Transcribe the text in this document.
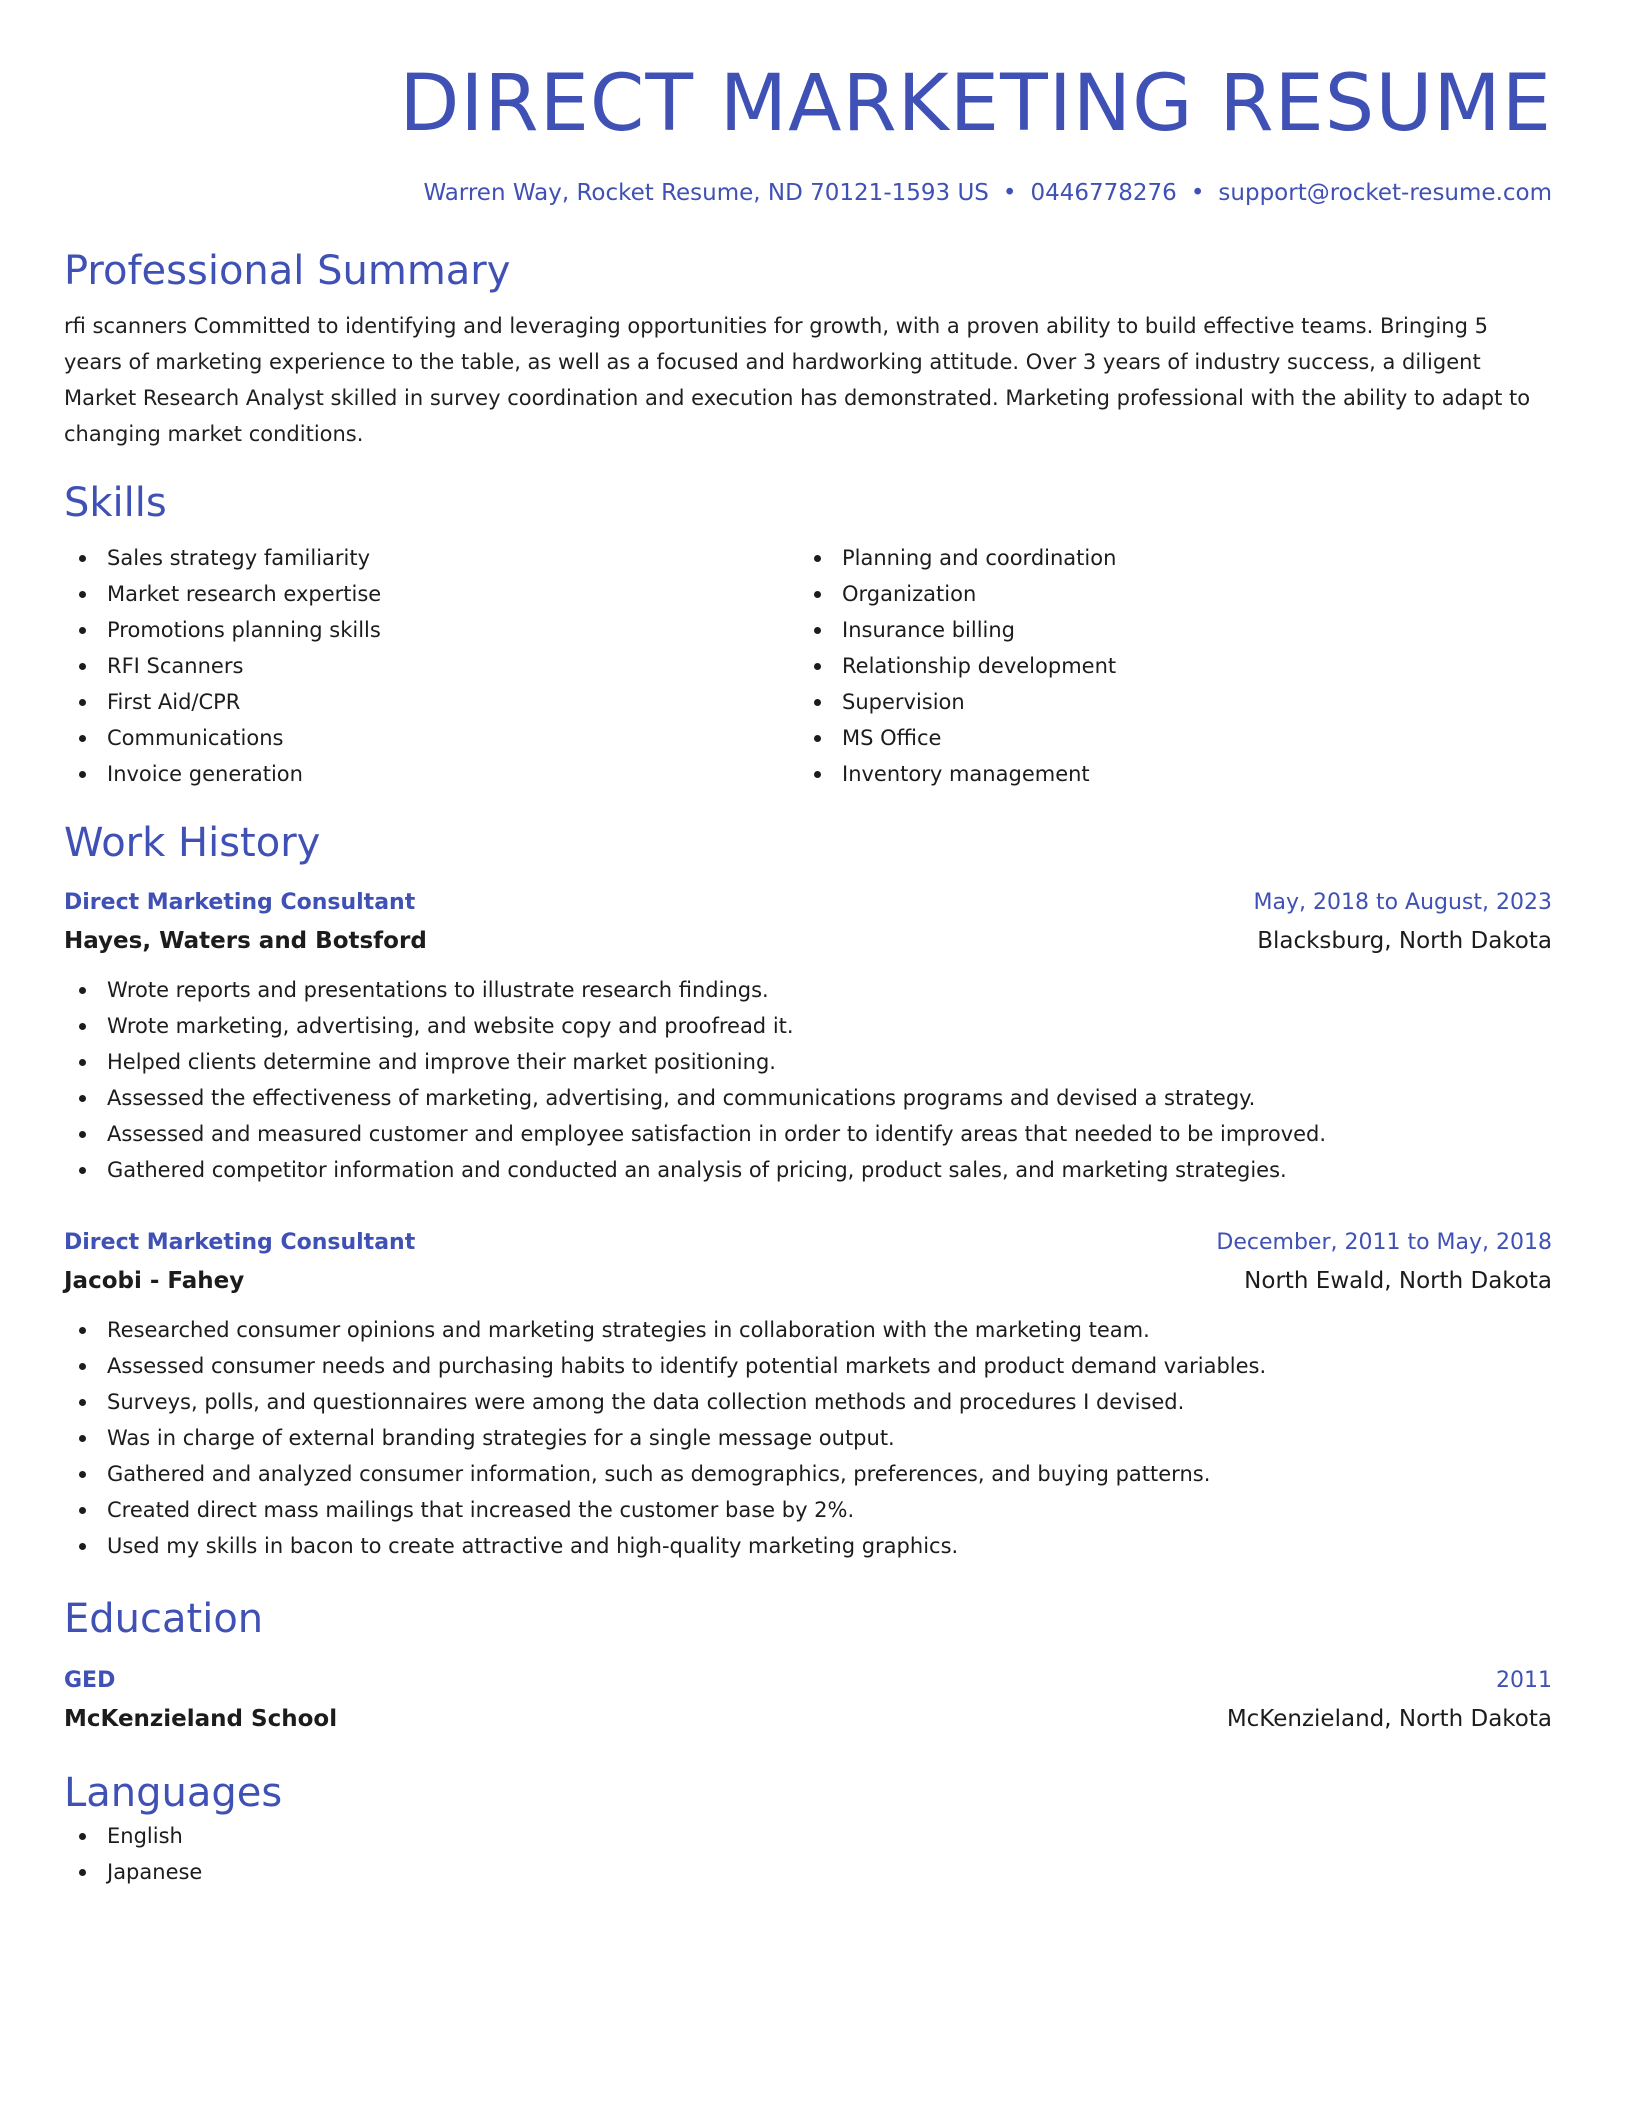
DIRECT MARKETING RESUME
Warren Way, Rocket Resume, ND 70121-1593 US • 0446778276 • support@rocket-resume.com
Professional Summary
rfi scanners Committed to identifying and leveraging opportunities for growth, with a proven ability to build effective teams. Bringing 5 years of marketing experience to the table, as well as a focused and hardworking attitude. Over 3 years of industry success, a diligent Market Research Analyst skilled in survey coordination and execution has demonstrated. Marketing professional with the ability to adapt to changing market conditions.
Skills
Sales strategy familiarity
Market research expertise
Promotions planning skills
RFI Scanners
First Aid/CPR
Communications
Invoice generation
Planning and coordination
Organization
Insurance billing
Relationship development
Supervision
MS Office
Inventory management
Work History
Direct Marketing Consultant	May, 2018 to August, 2023
Hayes, Waters and Botsford	Blacksburg, North Dakota
Wrote reports and presentations to illustrate research findings.
Wrote marketing, advertising, and website copy and proofread it.
Helped clients determine and improve their market positioning.
Assessed the effectiveness of marketing, advertising, and communications programs and devised a strategy.
Assessed and measured customer and employee satisfaction in order to identify areas that needed to be improved.
Gathered competitor information and conducted an analysis of pricing, product sales, and marketing strategies.
Direct Marketing Consultant	December, 2011 to May, 2018
Jacobi - Fahey	North Ewald, North Dakota
Researched consumer opinions and marketing strategies in collaboration with the marketing team.
Assessed consumer needs and purchasing habits to identify potential markets and product demand variables.
Surveys, polls, and questionnaires were among the data collection methods and procedures I devised.
Was in charge of external branding strategies for a single message output.
Gathered and analyzed consumer information, such as demographics, preferences, and buying patterns.
Created direct mass mailings that increased the customer base by 2%.
Used my skills in bacon to create attractive and high-quality marketing graphics.
Education
GED	2011
McKenzieland School	McKenzieland, North Dakota
Languages
English
Japanese
